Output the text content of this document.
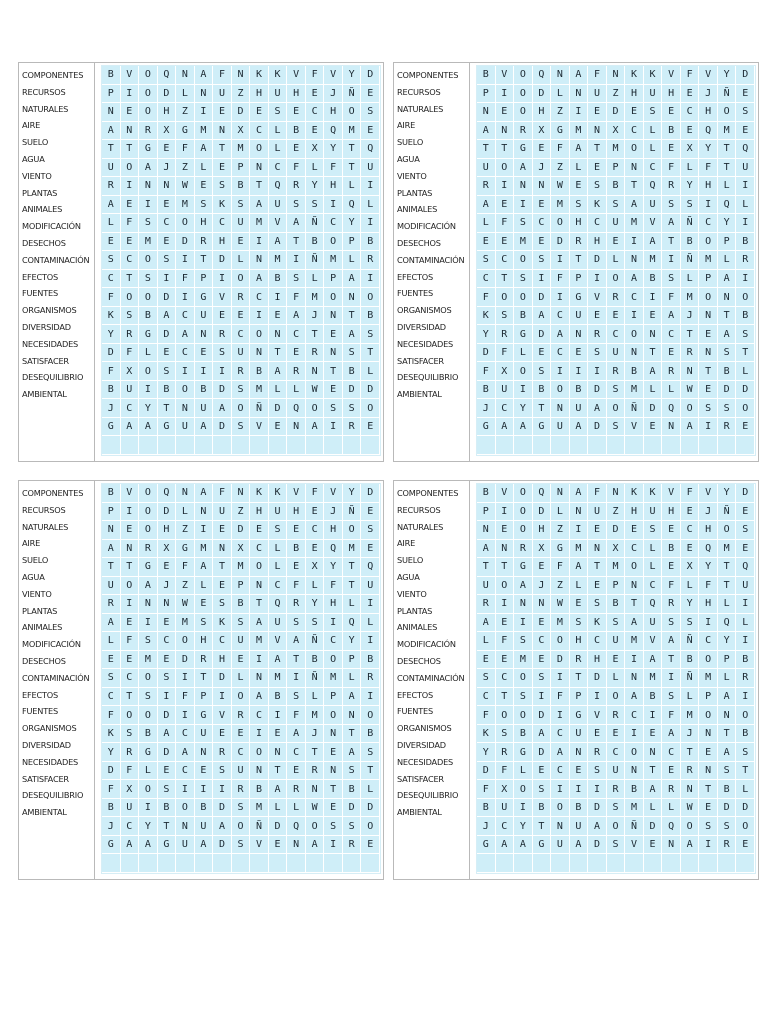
COMPONENTES
RECURSOS
NATURALES
AIRE
SUELO
AGUA
VIENTO
PLANTAS
ANIMALES
MODIFICACIÓN
DESECHOS
CONTAMINACIÓN
EFECTOS
FUENTES
ORGANISMOS
DIVERSIDAD
NECESIDADES
SATISFACER
DESEQUILIBRIO
AMBIENTAL
B	V	O	Q	N	A	F	N	K	K	V	F	V	Y	D
P	I	O	D	L	N	U	Z	H	U	H	E	J	Ñ	E
N	E	O	H	Z	I	E	D	E	S	E	C	H	O	S
A	N	R	X	G	M	N	X	C	L	B	E	Q	M	E
T	T	G	E	F	A	T	M	O	L	E	X	Y	T	Q
U	O	A	J	Z	L	E	P	N	C	F	L	F	T	U
R	I	N	N	W	E	S	B	T	Q	R	Y	H	L	I
A	E	I	E	M	S	K	S	A	U	S	S	I	Q	L
L	F	S	C	O	H	C	U	M	V	A	Ñ	C	Y	I
E	E	M	E	D	R	H	E	I	A	T	B	O	P	B
S	C	O	S	I	T	D	L	N	M	I	Ñ	M	L	R
C	T	S	I	F	P	I	O	A	B	S	L	P	A	I
F	O	O	D	I	G	V	R	C	I	F	M	O	N	O
K	S	B	A	C	U	E	E	I	E	A	J	N	T	B
Y	R	G	D	A	N	R	C	O	N	C	T	E	A	S
D	F	L	E	C	E	S	U	N	T	E	R	N	S	T
F	X	O	S	I	I	I	R	B	A	R	N	T	B	L
B	U	I	B	O	B	D	S	M	L	L	W	E	D	D
J	C	Y	T	N	U	A	O	Ñ	D	Q	O	S	S	O
G	A	A	G	U	A	D	S	V	E	N	A	I	R	E
COMPONENTES
RECURSOS
NATURALES
AIRE
SUELO
AGUA
VIENTO
PLANTAS
ANIMALES
MODIFICACIÓN
DESECHOS
CONTAMINACIÓN
EFECTOS
FUENTES
ORGANISMOS
DIVERSIDAD
NECESIDADES
SATISFACER
DESEQUILIBRIO
AMBIENTAL
B	V	O	Q	N	A	F	N	K	K	V	F	V	Y	D
P	I	O	D	L	N	U	Z	H	U	H	E	J	Ñ	E
N	E	O	H	Z	I	E	D	E	S	E	C	H	O	S
A	N	R	X	G	M	N	X	C	L	B	E	Q	M	E
T	T	G	E	F	A	T	M	O	L	E	X	Y	T	Q
U	O	A	J	Z	L	E	P	N	C	F	L	F	T	U
R	I	N	N	W	E	S	B	T	Q	R	Y	H	L	I
A	E	I	E	M	S	K	S	A	U	S	S	I	Q	L
L	F	S	C	O	H	C	U	M	V	A	Ñ	C	Y	I
E	E	M	E	D	R	H	E	I	A	T	B	O	P	B
S	C	O	S	I	T	D	L	N	M	I	Ñ	M	L	R
C	T	S	I	F	P	I	O	A	B	S	L	P	A	I
F	O	O	D	I	G	V	R	C	I	F	M	O	N	O
K	S	B	A	C	U	E	E	I	E	A	J	N	T	B
Y	R	G	D	A	N	R	C	O	N	C	T	E	A	S
D	F	L	E	C	E	S	U	N	T	E	R	N	S	T
F	X	O	S	I	I	I	R	B	A	R	N	T	B	L
B	U	I	B	O	B	D	S	M	L	L	W	E	D	D
J	C	Y	T	N	U	A	O	Ñ	D	Q	O	S	S	O
G	A	A	G	U	A	D	S	V	E	N	A	I	R	E
COMPONENTES
RECURSOS
NATURALES
AIRE
SUELO
AGUA
VIENTO
PLANTAS
ANIMALES
MODIFICACIÓN
DESECHOS
CONTAMINACIÓN
EFECTOS
FUENTES
ORGANISMOS
DIVERSIDAD
NECESIDADES
SATISFACER
DESEQUILIBRIO
AMBIENTAL
B	V	O	Q	N	A	F	N	K	K	V	F	V	Y	D
P	I	O	D	L	N	U	Z	H	U	H	E	J	Ñ	E
N	E	O	H	Z	I	E	D	E	S	E	C	H	O	S
A	N	R	X	G	M	N	X	C	L	B	E	Q	M	E
T	T	G	E	F	A	T	M	O	L	E	X	Y	T	Q
U	O	A	J	Z	L	E	P	N	C	F	L	F	T	U
R	I	N	N	W	E	S	B	T	Q	R	Y	H	L	I
A	E	I	E	M	S	K	S	A	U	S	S	I	Q	L
L	F	S	C	O	H	C	U	M	V	A	Ñ	C	Y	I
E	E	M	E	D	R	H	E	I	A	T	B	O	P	B
S	C	O	S	I	T	D	L	N	M	I	Ñ	M	L	R
C	T	S	I	F	P	I	O	A	B	S	L	P	A	I
F	O	O	D	I	G	V	R	C	I	F	M	O	N	O
K	S	B	A	C	U	E	E	I	E	A	J	N	T	B
Y	R	G	D	A	N	R	C	O	N	C	T	E	A	S
D	F	L	E	C	E	S	U	N	T	E	R	N	S	T
F	X	O	S	I	I	I	R	B	A	R	N	T	B	L
B	U	I	B	O	B	D	S	M	L	L	W	E	D	D
J	C	Y	T	N	U	A	O	Ñ	D	Q	O	S	S	O
G	A	A	G	U	A	D	S	V	E	N	A	I	R	E
COMPONENTES
RECURSOS
NATURALES
AIRE
SUELO
AGUA
VIENTO
PLANTAS
ANIMALES
MODIFICACIÓN
DESECHOS
CONTAMINACIÓN
EFECTOS
FUENTES
ORGANISMOS
DIVERSIDAD
NECESIDADES
SATISFACER
DESEQUILIBRIO
AMBIENTAL
B	V	O	Q	N	A	F	N	K	K	V	F	V	Y	D
P	I	O	D	L	N	U	Z	H	U	H	E	J	Ñ	E
N	E	O	H	Z	I	E	D	E	S	E	C	H	O	S
A	N	R	X	G	M	N	X	C	L	B	E	Q	M	E
T	T	G	E	F	A	T	M	O	L	E	X	Y	T	Q
U	O	A	J	Z	L	E	P	N	C	F	L	F	T	U
R	I	N	N	W	E	S	B	T	Q	R	Y	H	L	I
A	E	I	E	M	S	K	S	A	U	S	S	I	Q	L
L	F	S	C	O	H	C	U	M	V	A	Ñ	C	Y	I
E	E	M	E	D	R	H	E	I	A	T	B	O	P	B
S	C	O	S	I	T	D	L	N	M	I	Ñ	M	L	R
C	T	S	I	F	P	I	O	A	B	S	L	P	A	I
F	O	O	D	I	G	V	R	C	I	F	M	O	N	O
K	S	B	A	C	U	E	E	I	E	A	J	N	T	B
Y	R	G	D	A	N	R	C	O	N	C	T	E	A	S
D	F	L	E	C	E	S	U	N	T	E	R	N	S	T
F	X	O	S	I	I	I	R	B	A	R	N	T	B	L
B	U	I	B	O	B	D	S	M	L	L	W	E	D	D
J	C	Y	T	N	U	A	O	Ñ	D	Q	O	S	S	O
G	A	A	G	U	A	D	S	V	E	N	A	I	R	E
